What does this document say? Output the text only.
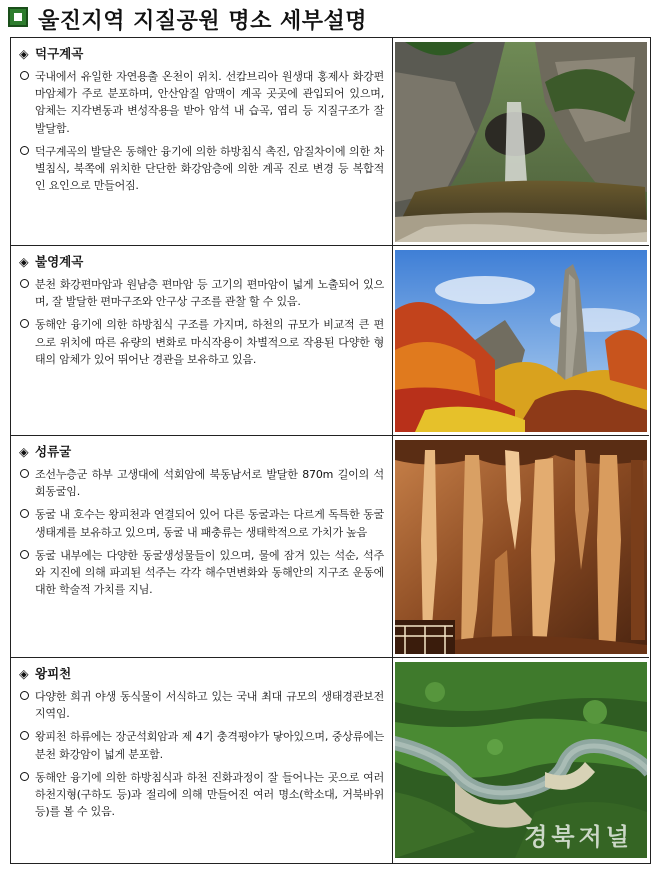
울진지역 지질공원 명소 세부설명
◈ 덕구계곡
국내에서 유일한 자연용출 온천이 위치. 선캄브리아 원생대 홍제사 화강편마암체가 주로 분포하며, 안산암질 암맥이 계곡 곳곳에 관입되어 있으며, 암체는 지각변동과 변성작용을 받아 암석 내 습곡, 엽리 등 지질구조가 잘 발달함.
덕구계곡의 발달은 동해안 융기에 의한 하방침식 촉진, 암질차이에 의한 차별침식, 북쪽에 위치한 단단한 화강암층에 의한 계곡 진로 변경 등 복합적인 요인으로 만들어짐.
◈ 불영계곡
분천 화강편마암과 원남층 편마암 등 고기의 편마암이 넓게 노출되어 있으며, 잘 발달한 편마구조와 안구상 구조를 관찰 할 수 있음.
동해안 융기에 의한 하방침식 구조를 가지며, 하천의 규모가 비교적 큰 편으로 위치에 따른 유량의 변화로 마식작용이 차별적으로 작용된 다양한 형태의 암체가 있어 뛰어난 경관을 보유하고 있음.
◈ 성류굴
조선누층군 하부 고생대에 석회암에 북동남서로 발달한 870m 길이의 석회동굴임.
동굴 내 호수는 왕피천과 연결되어 있어 다른 동굴과는 다르게 독특한 동굴 생태계를 보유하고 있으며, 동굴 내 패충류는 생태학적으로 가치가 높음
동굴 내부에는 다양한 동굴생성물들이 있으며, 물에 잠겨 있는 석순, 석주와 지진에 의해 파괴된 석주는 각각 해수면변화와 동해안의 지구조 운동에 대한 학술적 가치를 지님.
◈ 왕피천
다양한 희귀 야생 동식물이 서식하고 있는 국내 최대 규모의 생태경관보전지역임.
왕피천 하류에는 장군석회암과 제 4기 충격평야가 닿아있으며, 중상류에는 분천 화강암이 넓게 분포함.
동해안 융기에 의한 하방침식과 하천 진화과정이 잘 들어나는 곳으로 여러 하천지형(구하도 등)과 절리에 의해 만들어진 여러 명소(학소대, 거북바위 등)를 볼 수 있음.
경북저널
